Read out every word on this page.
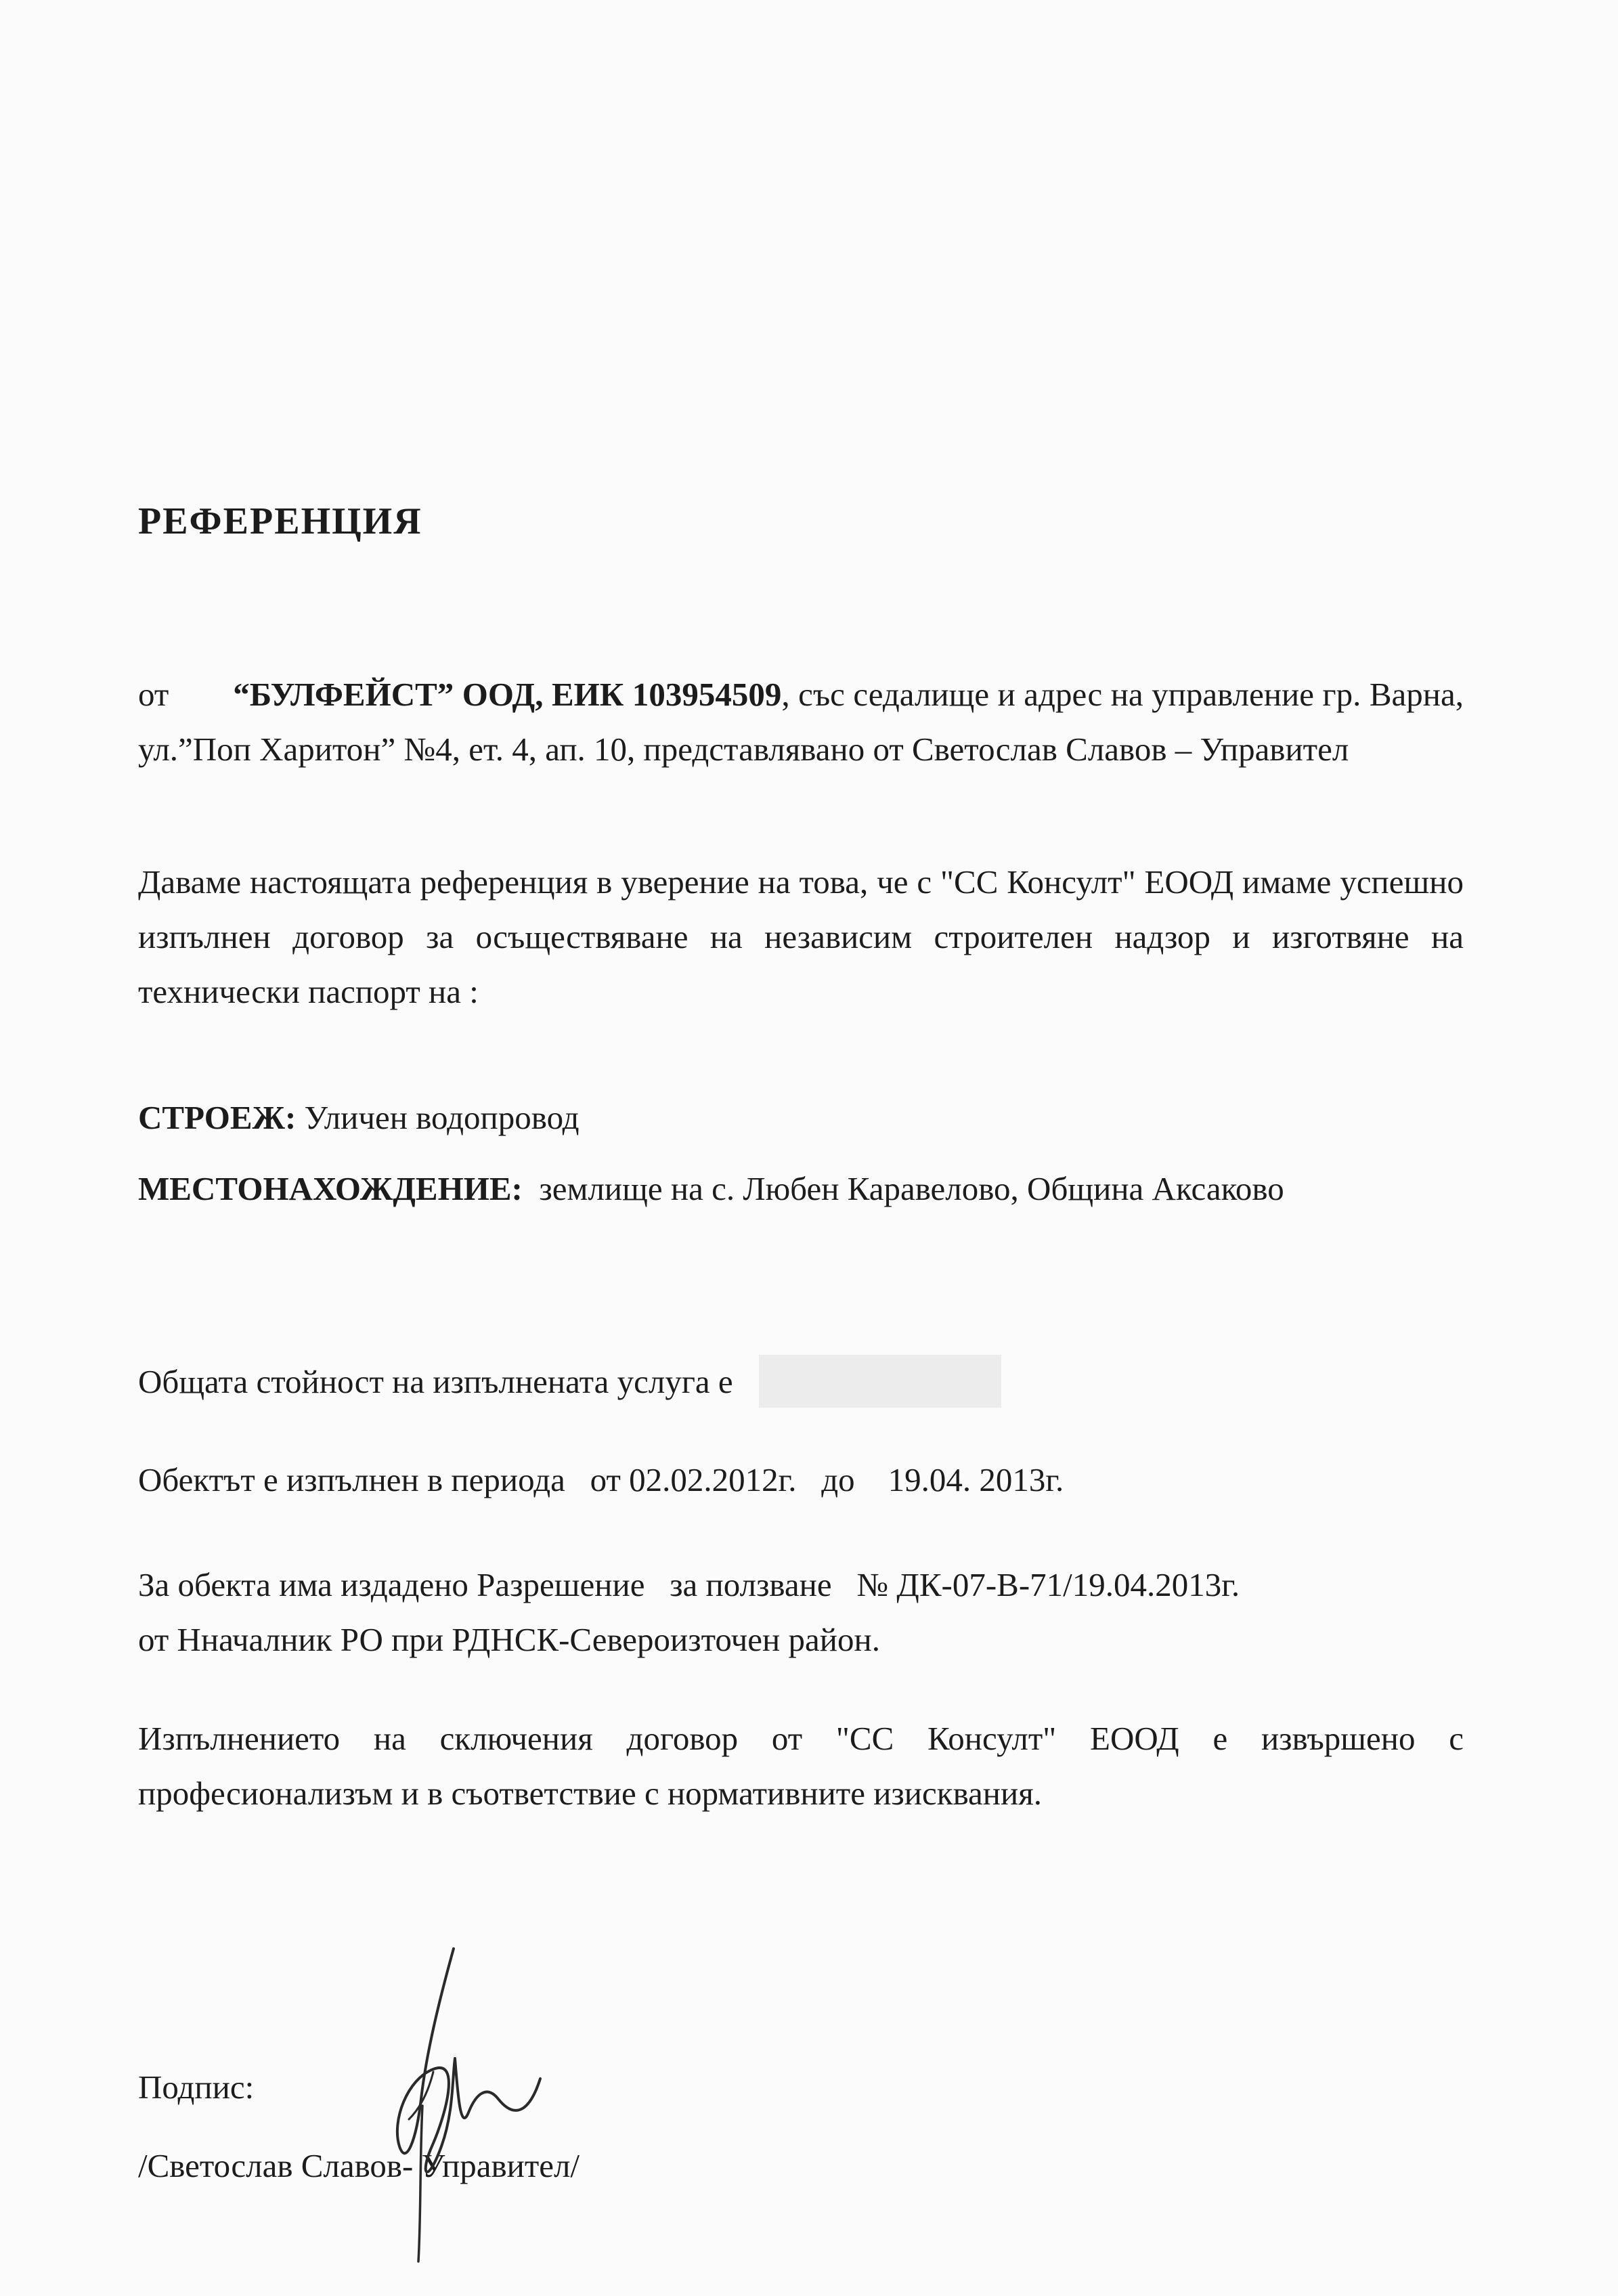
РЕФЕРЕНЦИЯ

от “БУЛФЕЙСТ” ООД, ЕИК 103954509, със седалище и адрес на управление гр. Варна, ул.”Поп Харитон” №4, ет. 4, ап. 10, представлявано от Светослав Славов – Управител

Даваме настоящата референция в уверение на това, че с "СС Консулт" ЕООД имаме успешно изпълнен договор за осъществяване на независим строителен надзор и изготвяне на технически паспорт на :

СТРОЕЖ: Уличен водопровод

МЕСТОНАХОЖДЕНИЕ: землище на с. Любен Каравелово, Община Аксаково

Общата стойност на изпълнената услуга е

Обектът е изпълнен в периода от 02.02.2012г. до 19.04. 2013г.

За обекта има издадено Разрешение   за ползване   № ДК-07-В-71/19.04.2013г.

от Нначалник РО при РДНСК-Североизточен район.

Изпълнението на сключения договор от "СС Консулт" ЕООД е извършено с професионализъм и в съответствие с нормативните изисквания.

Подпис:

/Светослав Славов- Управител/
